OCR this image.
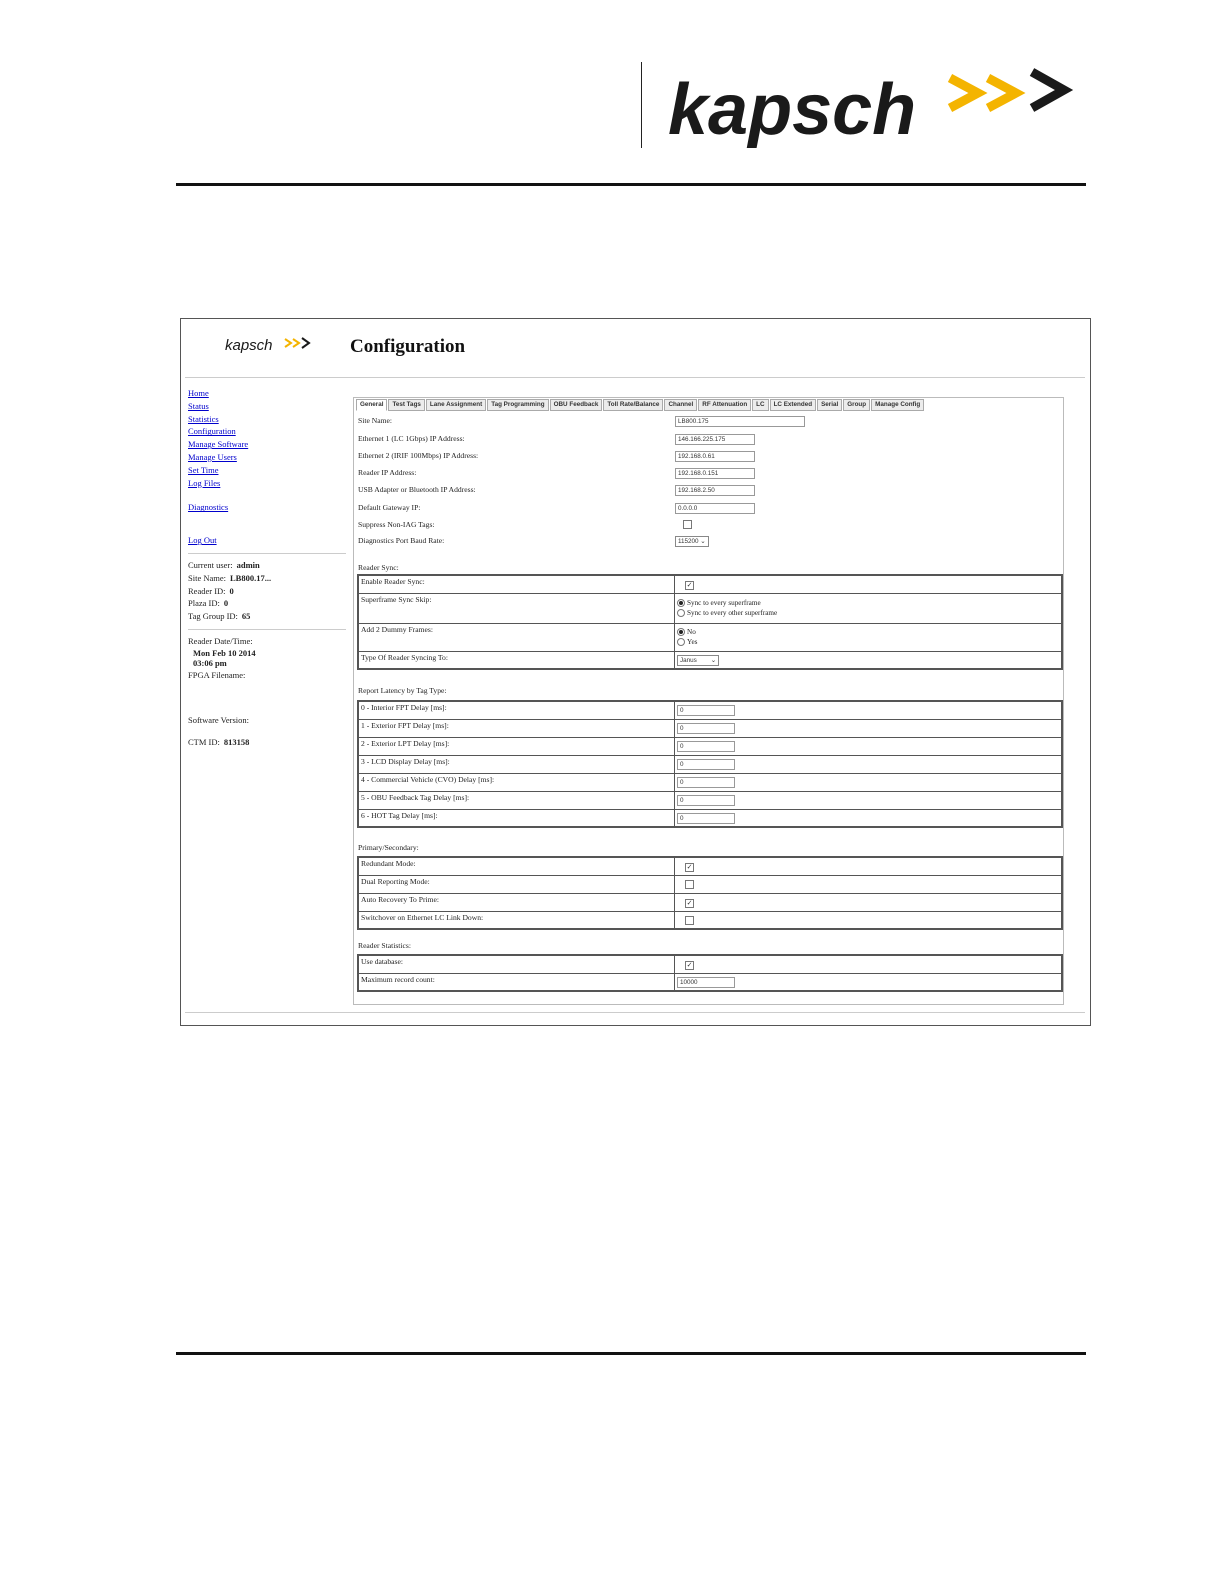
kapsch
kapsch	Configuration
Home
Status
Statistics
Configuration
Manage Software
Manage Users
Set Time
Log Files
Diagnostics
Log Out
Current user: admin
Site Name: LB800.17...
Reader ID: 0
Plaza ID: 0
Tag Group ID: 65
Reader Date/Time:
Mon Feb 10 2014
03:06 pm
FPGA Filename:
Software Version:
CTM ID: 813158
General	Test Tags	Lane Assignment	Tag Programming	OBU Feedback	Toll Rate/Balance	Channel	RF Attenuation	LC	LC Extended	Serial	Group	Manage Config
Site Name:	LB800.175
Ethernet 1 (LC 1Gbps) IP Address:	146.166.225.175
Ethernet 2 (IRIF 100Mbps) IP Address:	192.168.0.61
Reader IP Address:	192.168.0.151
USB Adapter or Bluetooth IP Address:	192.168.2.50
Default Gateway IP:	0.0.0.0
Suppress Non-IAG Tags:
Diagnostics Port Baud Rate:	115200 ⌄
Reader Sync:
Enable Reader Sync:	✓
Superframe Sync Skip:	Sync to every superframe
Sync to every other superframe
Add 2 Dummy Frames:	No
Yes
Type Of Reader Syncing To:	Janus ⌄
Report Latency by Tag Type:
0 - Interior FPT Delay [ms]:	0
1 - Exterior FPT Delay [ms]:	0
2 - Exterior LPT Delay [ms]:	0
3 - LCD Display Delay [ms]:	0
4 - Commercial Vehicle (CVO) Delay [ms]:	0
5 - OBU Feedback Tag Delay [ms]:	0
6 - HOT Tag Delay [ms]:	0
Primary/Secondary:
Redundant Mode:	✓
Dual Reporting Mode:
Auto Recovery To Prime:	✓
Switchover on Ethernet LC Link Down:
Reader Statistics:
Use database:	✓
Maximum record count:	10000
